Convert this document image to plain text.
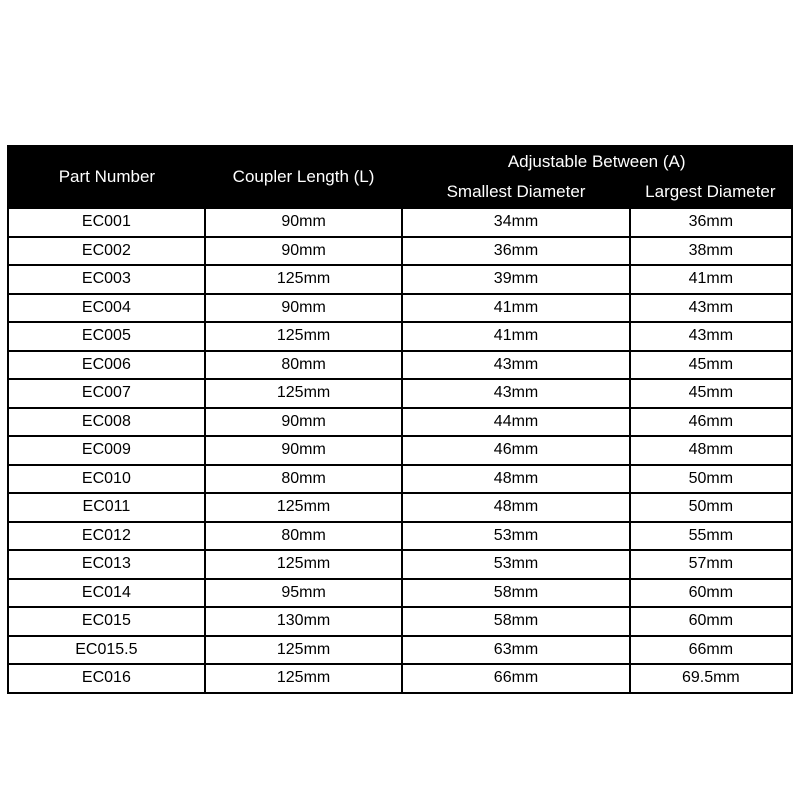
Part Number	Coupler Length (L)	Adjustable Between (A)	
		Smallest Diameter	Largest Diameter
EC001	90mm	34mm	36mm
EC002	90mm	36mm	38mm
EC003	125mm	39mm	41mm
EC004	90mm	41mm	43mm
EC005	125mm	41mm	43mm
EC006	80mm	43mm	45mm
EC007	125mm	43mm	45mm
EC008	90mm	44mm	46mm
EC009	90mm	46mm	48mm
EC010	80mm	48mm	50mm
EC011	125mm	48mm	50mm
EC012	80mm	53mm	55mm
EC013	125mm	53mm	57mm
EC014	95mm	58mm	60mm
EC015	130mm	58mm	60mm
EC015.5	125mm	63mm	66mm
EC016	125mm	66mm	69.5mm
